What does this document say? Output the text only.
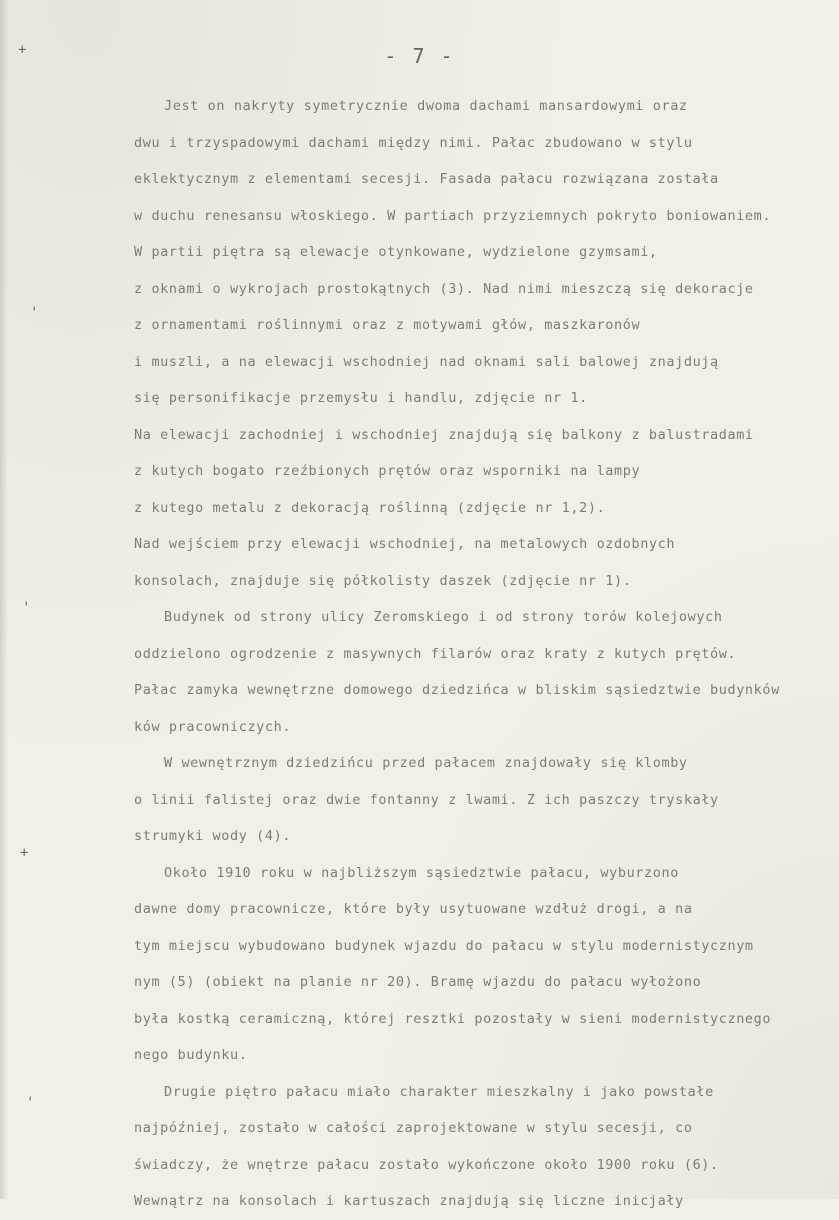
+
'
'
+
'
- 7 -
Jest on nakryty symetrycznie dwoma dachami mansardowymi oraz
dwu i trzyspadowymi dachami między nimi. Pałac zbudowano w stylu
eklektycznym z elementami secesji. Fasada pałacu rozwiązana została
w duchu renesansu włoskiego. W partiach przyziemnych pokryto boniowaniem.
W partii piętra są elewacje otynkowane, wydzielone gzymsami,
z oknami o wykrojach prostokątnych (3). Nad nimi mieszczą się dekoracje
z ornamentami roślinnymi oraz z motywami głów, maszkaronów
i muszli, a na elewacji wschodniej nad oknami sali balowej znajdują
się personifikacje przemysłu i handlu, zdjęcie nr 1.
Na elewacji zachodniej i wschodniej znajdują się balkony z balustradami
z kutych bogato rzeźbionych prętów oraz wsporniki na lampy
z kutego metalu z dekoracją roślinną (zdjęcie nr 1,2).
Nad wejściem przy elewacji wschodniej, na metalowych ozdobnych
konsolach, znajduje się półkolisty daszek (zdjęcie nr 1).
Budynek od strony ulicy Zeromskiego i od strony torów kolejowych
oddzielono ogrodzenie z masywnych filarów oraz kraty z kutych prętów.
Pałac zamyka wewnętrzne domowego dziedzińca w bliskim sąsiedztwie budynków
ków pracowniczych.
W wewnętrznym dziedzińcu przed pałacem znajdowały się klomby
o linii falistej oraz dwie fontanny z lwami. Z ich paszczy tryskały
strumyki wody (4).
Około 1910 roku w najbliższym sąsiedztwie pałacu, wyburzono
dawne domy pracownicze, które były usytuowane wzdłuż drogi, a na
tym miejscu wybudowano budynek wjazdu do pałacu w stylu modernistycznym
nym (5) (obiekt na planie nr 20). Bramę wjazdu do pałacu wyłożono
była kostką ceramiczną, której resztki pozostały w sieni modernistycznego
nego budynku.
Drugie piętro pałacu miało charakter mieszkalny i jako powstałe
najpóźniej, zostało w całości zaprojektowane w stylu secesji, co
świadczy, że wnętrze pałacu zostało wykończone około 1900 roku (6).
Wewnątrz na konsolach i kartuszach znajdują się liczne inicjały
